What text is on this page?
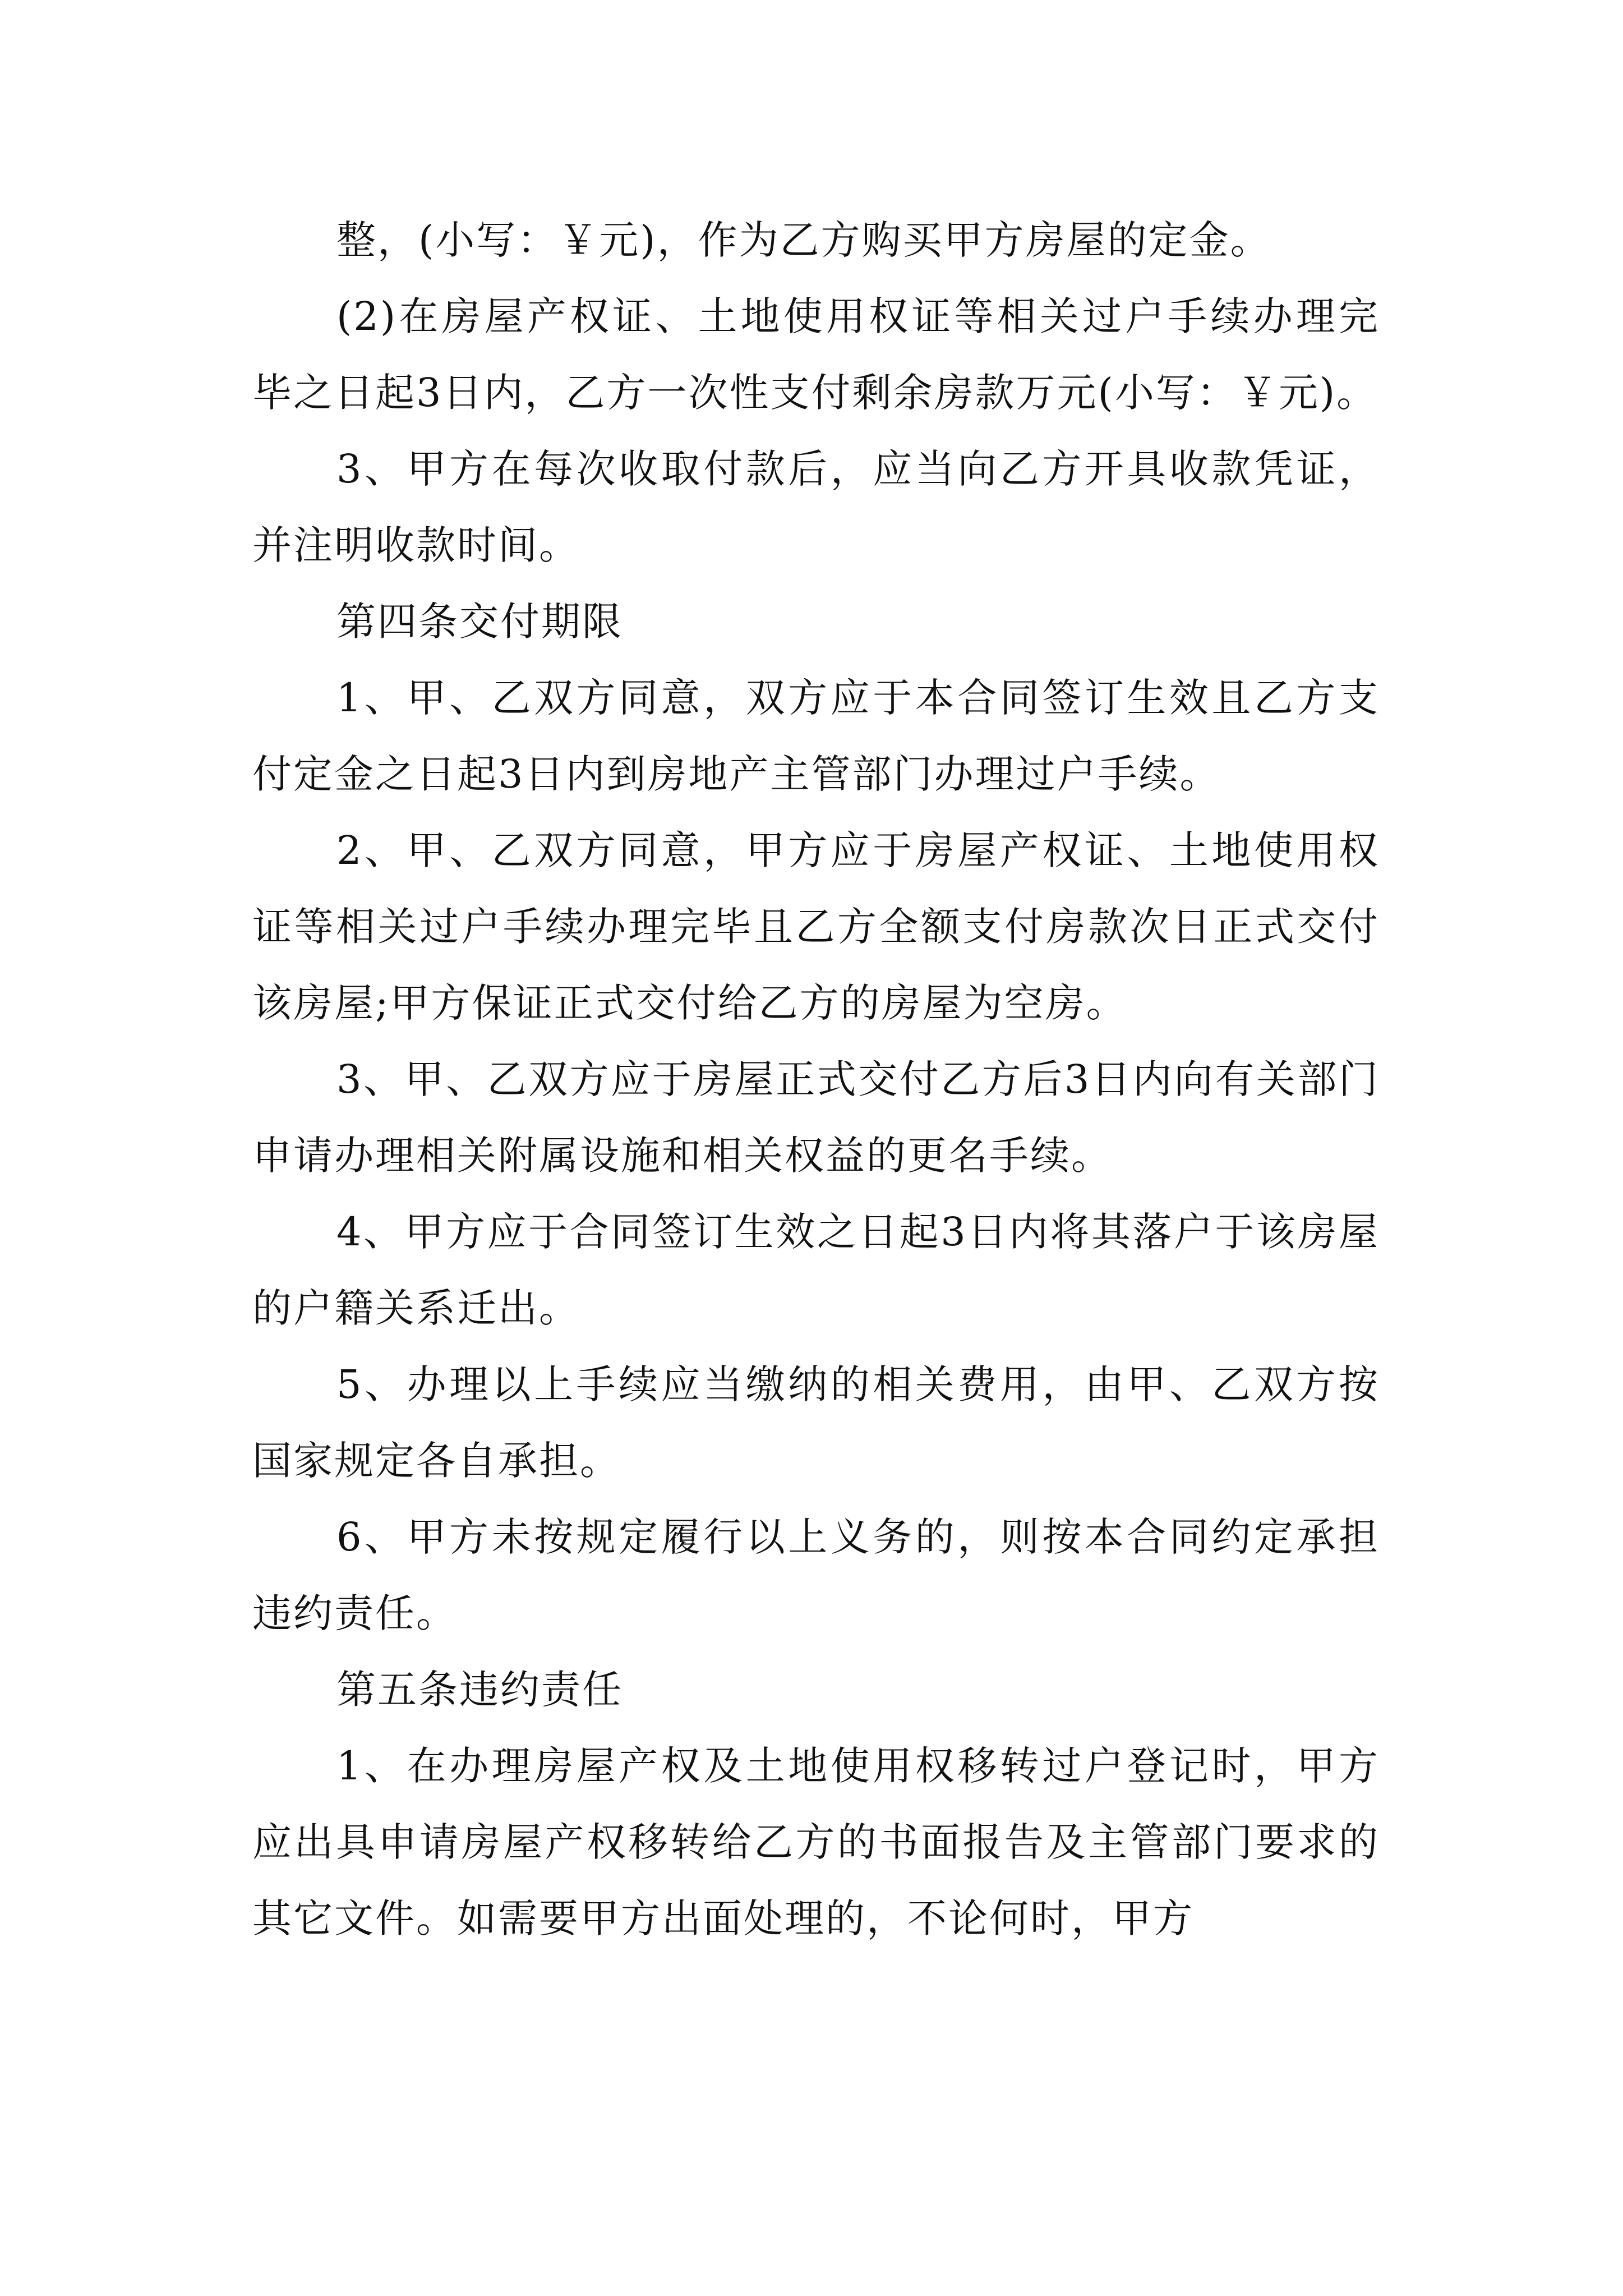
整，(小写：￥元)，作为乙方购买甲方房屋的定金。

(2)在房屋产权证、土地使用权证等相关过户手续办理完毕之日起3日内，乙方一次性支付剩余房款万元(小写：￥元)。

3、甲方在每次收取付款后，应当向乙方开具收款凭证，并注明收款时间。

第四条交付期限

1、甲、乙双方同意，双方应于本合同签订生效且乙方支付定金之日起3日内到房地产主管部门办理过户手续。

2、甲、乙双方同意，甲方应于房屋产权证、土地使用权证等相关过户手续办理完毕且乙方全额支付房款次日正式交付该房屋;甲方保证正式交付给乙方的房屋为空房。

3、甲、乙双方应于房屋正式交付乙方后3日内向有关部门申请办理相关附属设施和相关权益的更名手续。

4、甲方应于合同签订生效之日起3日内将其落户于该房屋的户籍关系迁出。

5、办理以上手续应当缴纳的相关费用，由甲、乙双方按国家规定各自承担。

6、甲方未按规定履行以上义务的，则按本合同约定承担违约责任。

第五条违约责任

1、在办理房屋产权及土地使用权移转过户登记时，甲方应出具申请房屋产权移转给乙方的书面报告及主管部门要求的其它文件。如需要甲方出面处理的，不论何时，甲方
